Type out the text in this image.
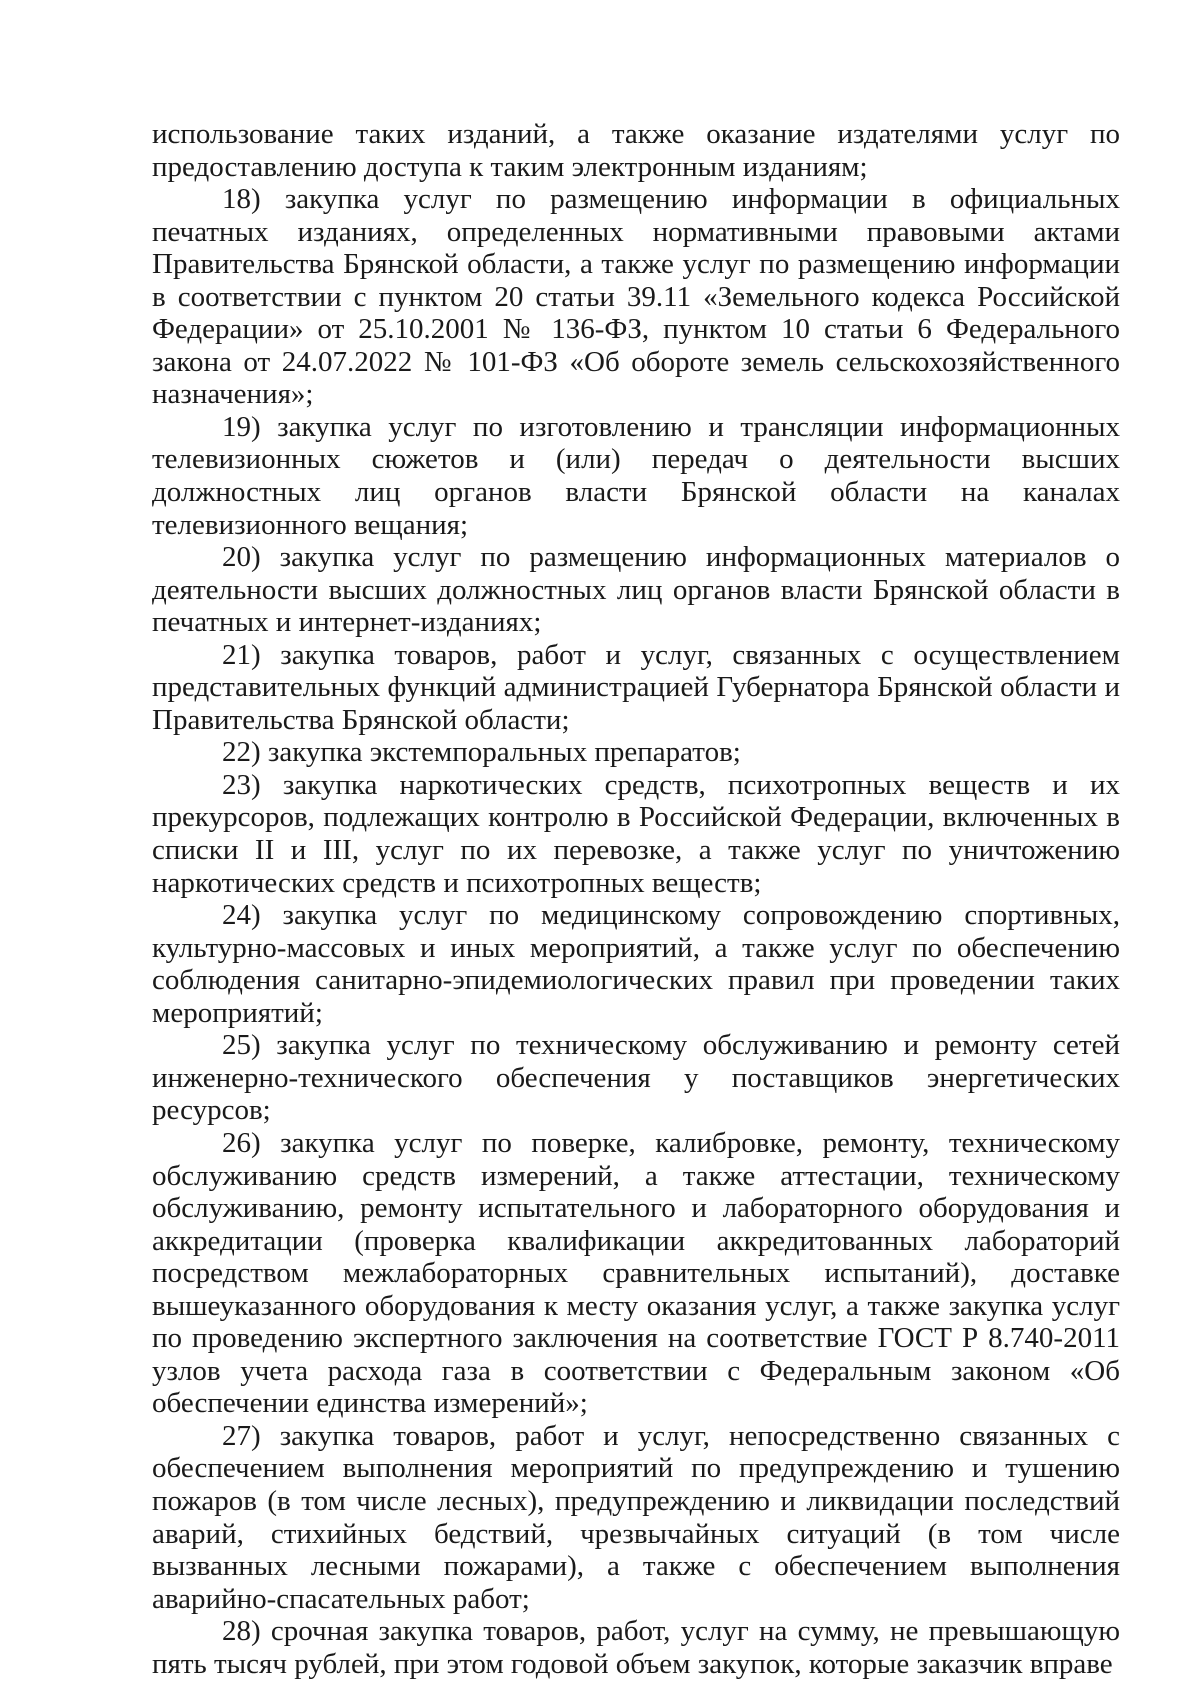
использование таких изданий, а также оказание издателями услуг по предоставлению доступа к таким электронным изданиям;

18) закупка услуг по размещению информации в официальных печатных изданиях, определенных нормативными правовыми актами Правительства Брянской области, а также услуг по размещению информации в соответствии с пунктом 20 статьи 39.11 «Земельного кодекса Российской Федерации» от 25.10.2001 № 136-ФЗ, пунктом 10 статьи 6 Федерального закона от 24.07.2022 № 101-ФЗ «Об обороте земель сельскохозяйственного назначения»;

19) закупка услуг по изготовлению и трансляции информационных телевизионных сюжетов и (или) передач о деятельности высших должностных лиц органов власти Брянской области на каналах телевизионного вещания;

20) закупка услуг по размещению информационных материалов о деятельности высших должностных лиц органов власти Брянской области в печатных и интернет-изданиях;

21) закупка товаров, работ и услуг, связанных с осуществлением представительных функций администрацией Губернатора Брянской области и Правительства Брянской области;

22) закупка экстемпоральных препаратов;

23) закупка наркотических средств, психотропных веществ и их прекурсоров, подлежащих контролю в Российской Федерации, включенных в списки II и III, услуг по их перевозке, а также услуг по уничтожению наркотических средств и психотропных веществ;

24) закупка услуг по медицинскому сопровождению спортивных, культурно-массовых и иных мероприятий, а также услуг по обеспечению соблюдения санитарно-эпидемиологических правил при проведении таких мероприятий;

25) закупка услуг по техническому обслуживанию и ремонту сетей инженерно-технического обеспечения у поставщиков энергетических ресурсов;

26) закупка услуг по поверке, калибровке, ремонту, техническому обслуживанию средств измерений, а также аттестации, техническому обслуживанию, ремонту испытательного и лабораторного оборудования и аккредитации (проверка квалификации аккредитованных лабораторий посредством межлабораторных сравнительных испытаний), доставке вышеуказанного оборудования к месту оказания услуг, а также закупка услуг по проведению экспертного заключения на соответствие ГОСТ Р 8.740-2011 узлов учета расхода газа в соответствии с Федеральным законом «Об обеспечении единства измерений»;

27) закупка товаров, работ и услуг, непосредственно связанных с обеспечением выполнения мероприятий по предупреждению и тушению пожаров (в том числе лесных), предупреждению и ликвидации последствий аварий, стихийных бедствий, чрезвычайных ситуаций (в том числе вызванных лесными пожарами), а также с обеспечением выполнения аварийно-спасательных работ;

28) срочная закупка товаров, работ, услуг на сумму, не превышающую пять тысяч рублей, при этом годовой объем закупок, которые заказчик вправе
